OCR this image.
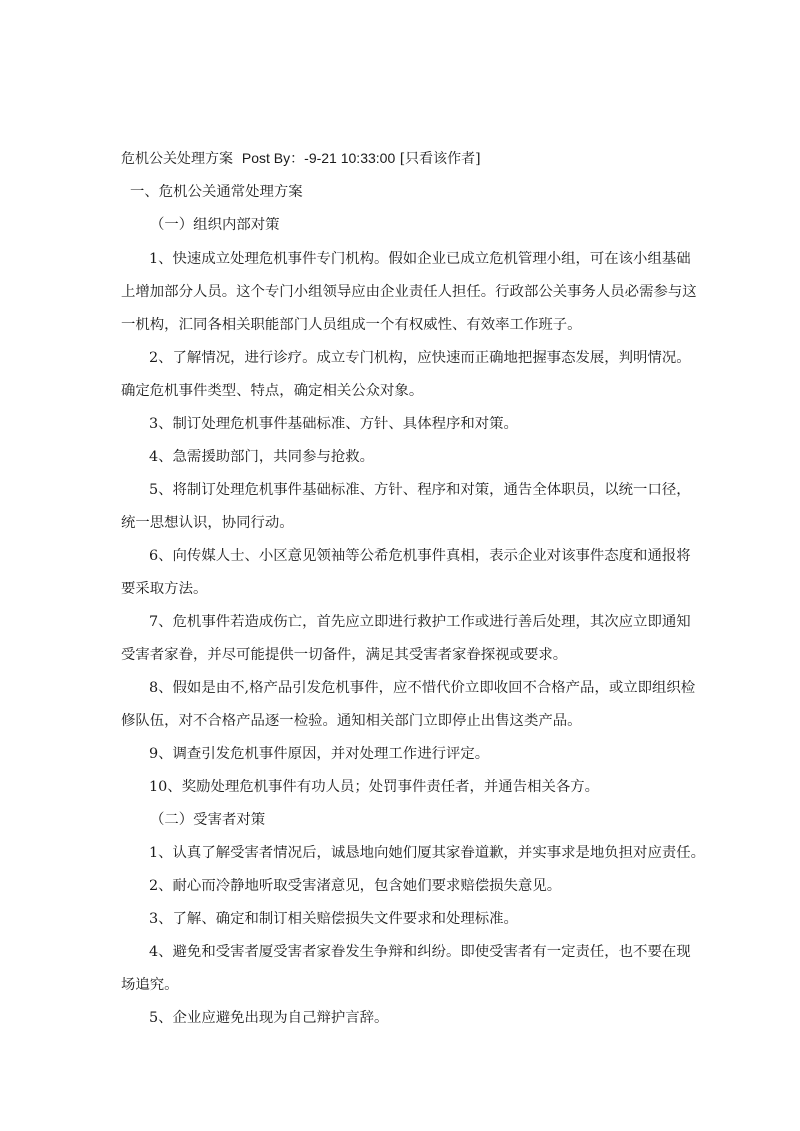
危机公关处理方案 Post By：-9-21 10:33:00 [只看该作者]
一、危机公关通常处理方案
（一）组织内部对策
1、快速成立处理危机事件专门机构。假如企业已成立危机管理小组，可在该小组基础
上增加部分人员。这个专门小组领导应由企业责任人担任。行政部公关事务人员必需参与这
一机构，汇同各相关职能部门人员组成一个有权威性、有效率工作班子。
2、了解情况，进行诊疗。成立专门机构，应快速而正确地把握事态发展，判明情况。
确定危机事件类型、特点，确定相关公众对象。
3、制订处理危机事件基础标准、方针、具体程序和对策。
4、急需援助部门，共同参与抢救。
5、将制订处理危机事件基础标准、方针、程序和对策，通告全体职员，以统一口径，
统一思想认识，协同行动。
6、向传媒人士、小区意见领袖等公希危机事件真相，表示企业对该事件态度和通报将
要采取方法。
7、危机事件若造成伤亡，首先应立即进行救护工作或进行善后处理，其次应立即通知
受害者家眷，并尽可能提供一切备件，满足其受害者家眷探视或要求。
8、假如是由不,格产品引发危机事件，应不惜代价立即收回不合格产品，或立即组织检
修队伍，对不合格产品逐一检验。通知相关部门立即停止出售这类产品。
9、调查引发危机事件原因，并对处理工作进行评定。
10、奖励处理危机事件有功人员；处罚事件责任者，并通告相关各方。
（二）受害者对策
1、认真了解受害者情况后，诚恳地向她们厦其家眷道歉，并实事求是地负担对应责任。
2、耐心而冷静地听取受害渚意见，包含她们要求赔偿损失意见。
3、了解、确定和制订相关赔偿损失文件要求和处理标准。
4、避免和受害者厦受害者家眷发生争辩和纠纷。即使受害者有一定责任，也不要在现
场追究。
5、企业应避免出现为自己辩护言辞。
